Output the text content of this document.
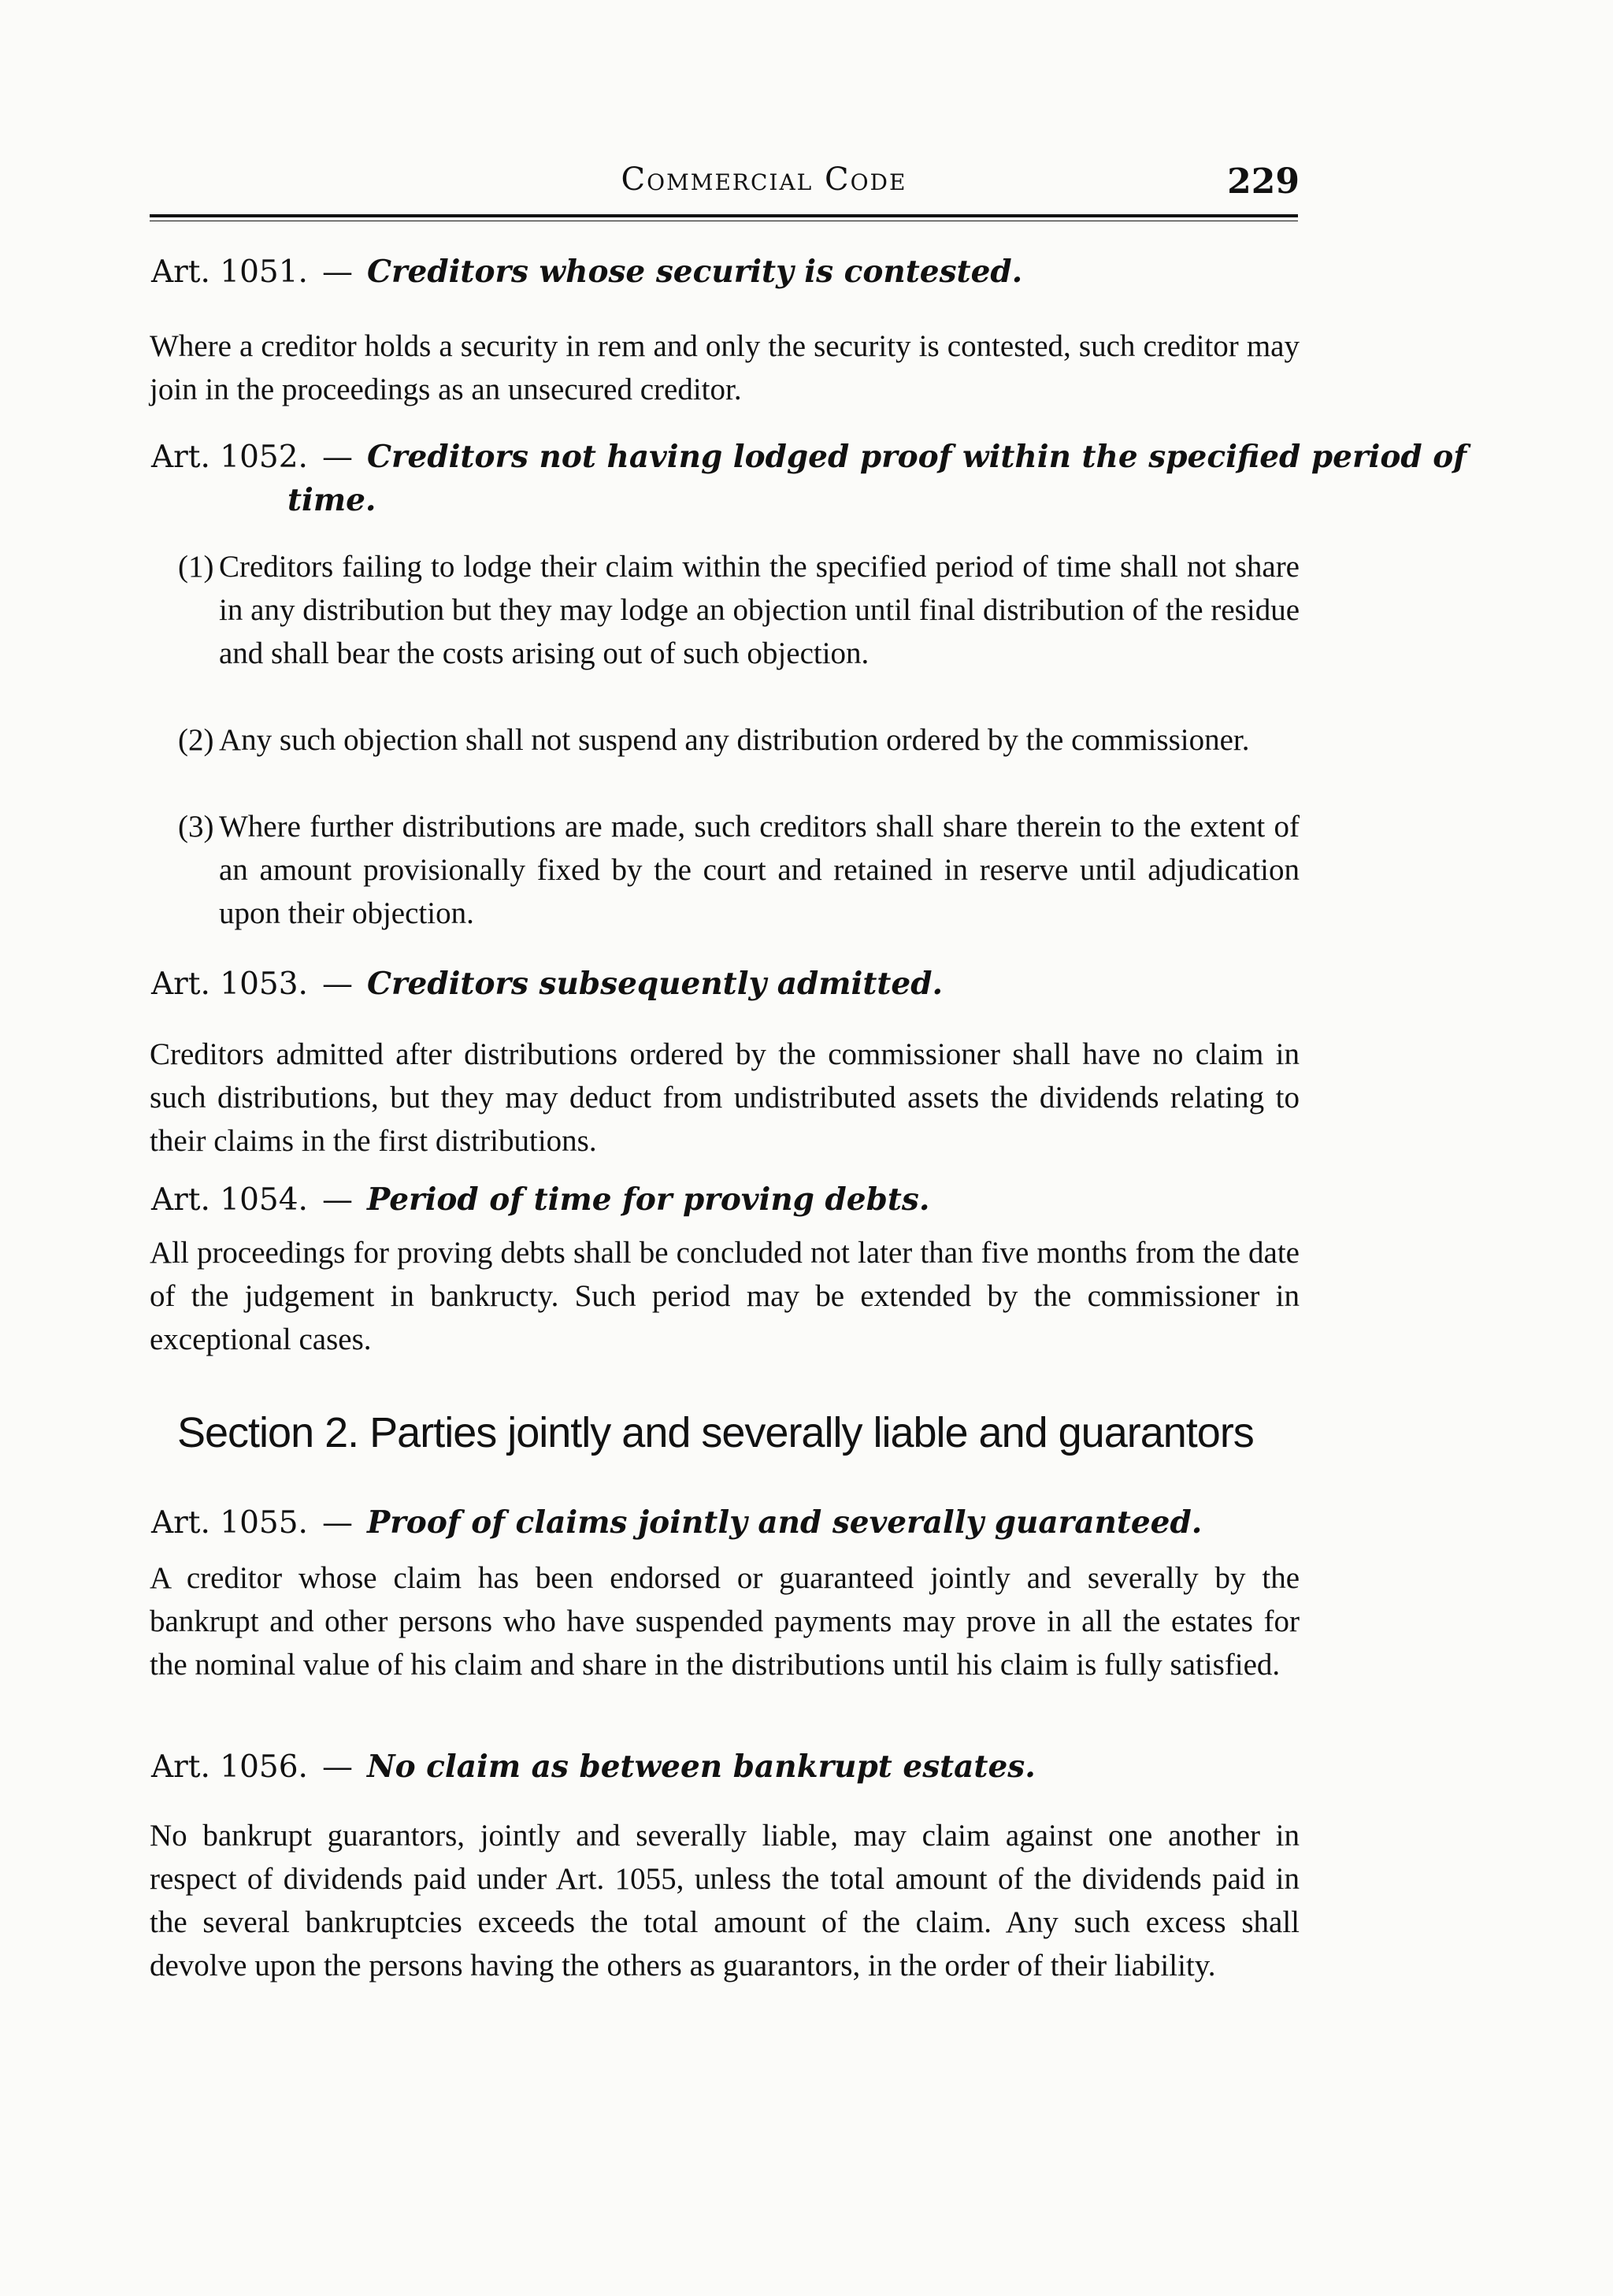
Commercial Code	229
Art. 1051. — Creditors whose security is contested.

Where a creditor holds a security in rem and only the security is contested, such creditor may join in the proceedings as an unsecured creditor.

Art. 1052. — Creditors not having lodged proof within the specified period of
time.
(1) Creditors failing to lodge their claim within the specified period of time shall not share in any distribution but they may lodge an objection until final distribution of the residue and shall bear the costs arising out of such objection.
(2) Any such objection shall not suspend any distribution ordered by the commissioner.
(3) Where further distributions are made, such creditors shall share therein to the extent of an amount provisionally fixed by the court and retained in reserve until adjudication upon their objection.
Art. 1053. — Creditors subsequently admitted.

Creditors admitted after distributions ordered by the commissioner shall have no claim in such distributions, but they may deduct from undistributed assets the dividends relating to their claims in the first distributions.

Art. 1054. — Period of time for proving debts.

All proceedings for proving debts shall be concluded not later than five months from the date of the judgement in bankructy. Such period may be extended by the commissioner in exceptional cases.

Section 2. Parties jointly and severally liable and guarantors
Art. 1055. — Proof of claims jointly and severally guaranteed.

A creditor whose claim has been endorsed or guaranteed jointly and severally by the bankrupt and other persons who have suspended payments may prove in all the estates for the nominal value of his claim and share in the distributions until his claim is fully satisfied.

Art. 1056. — No claim as between bankrupt estates.

No bankrupt guarantors, jointly and severally liable, may claim against one another in respect of dividends paid under Art. 1055, unless the total amount of the dividends paid in the several bankruptcies exceeds the total amount of the claim. Any such excess shall devolve upon the persons having the others as guarantors, in the order of their liability.
